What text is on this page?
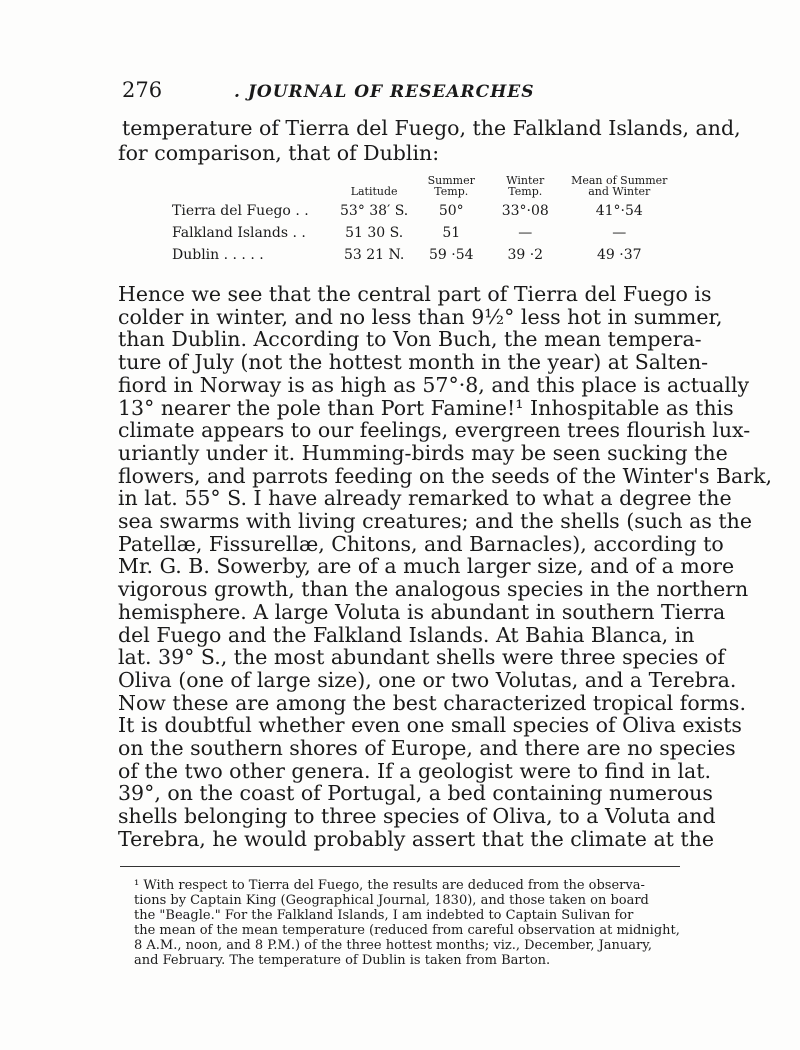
276	. JOURNAL OF RESEARCHES

temperature of Tierra del Fuego, the Falkland Islands, and,
for comparison, that of Dublin:

	Latitude	Summer Temp.	Winter Temp.	Mean of Summer and Winter
Tierra del Fuego . .	53° 38′ S.	50°	33°·08	41°·54
Falkland Islands . .	51 30 S.	51	—	—
Dublin . . . . .	53 21 N.	59 ·54	39 ·2	49 ·37

Hence we see that the central part of Tierra del Fuego is
colder in winter, and no less than 9½° less hot in summer,
than Dublin. According to Von Buch, the mean tempera-
ture of July (not the hottest month in the year) at Salten-
fiord in Norway is as high as 57°·8, and this place is actually
13° nearer the pole than Port Famine!¹ Inhospitable as this
climate appears to our feelings, evergreen trees flourish lux-
uriantly under it. Humming-birds may be seen sucking the
flowers, and parrots feeding on the seeds of the Winter's Bark,
in lat. 55° S. I have already remarked to what a degree the
sea swarms with living creatures; and the shells (such as the
Patellæ, Fissurellæ, Chitons, and Barnacles), according to
Mr. G. B. Sowerby, are of a much larger size, and of a more
vigorous growth, than the analogous species in the northern
hemisphere. A large Voluta is abundant in southern Tierra
del Fuego and the Falkland Islands. At Bahia Blanca, in
lat. 39° S., the most abundant shells were three species of
Oliva (one of large size), one or two Volutas, and a Terebra.
Now these are among the best characterized tropical forms.
It is doubtful whether even one small species of Oliva exists
on the southern shores of Europe, and there are no species
of the two other genera. If a geologist were to find in lat.
39°, on the coast of Portugal, a bed containing numerous
shells belonging to three species of Oliva, to a Voluta and
Terebra, he would probably assert that the climate at the

¹ With respect to Tierra del Fuego, the results are deduced from the observa-
tions by Captain King (Geographical Journal, 1830), and those taken on board
the "Beagle." For the Falkland Islands, I am indebted to Captain Sulivan for
the mean of the mean temperature (reduced from careful observation at midnight,
8 A.M., noon, and 8 P.M.) of the three hottest months; viz., December, January,
and February. The temperature of Dublin is taken from Barton.
